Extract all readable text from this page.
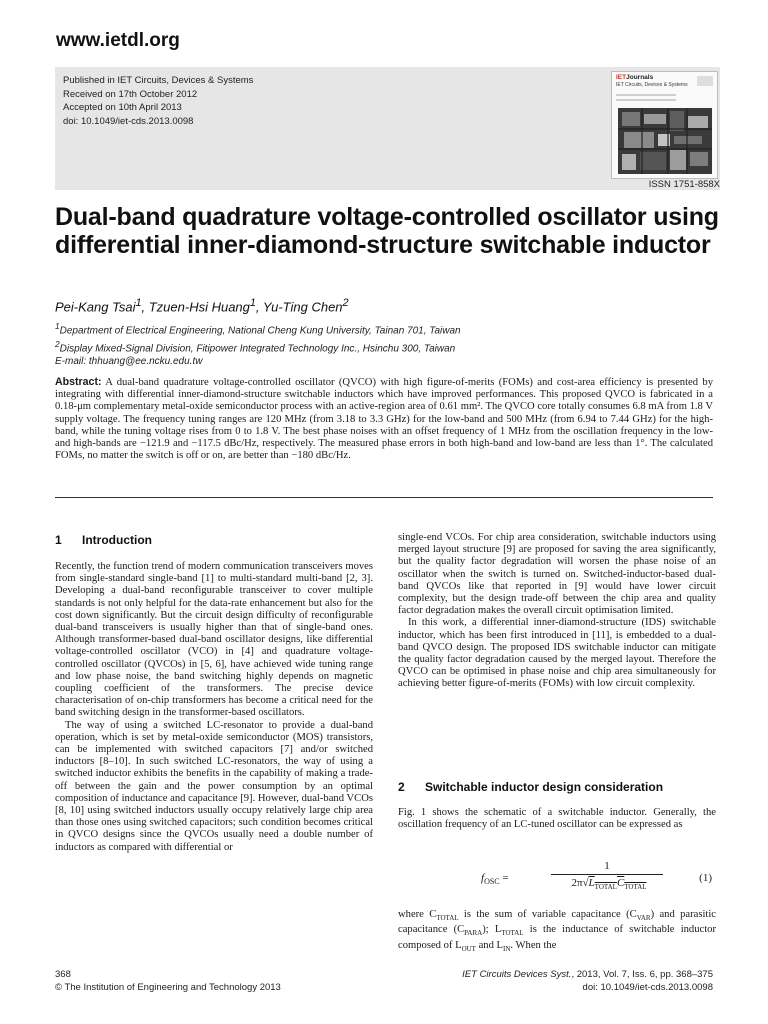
www.ietdl.org
Published in IET Circuits, Devices & Systems
Received on 17th October 2012
Accepted on 10th April 2013
doi: 10.1049/iet-cds.2013.0098
IETJournals
IET Circuits, Devices & Systems
ISSN 1751-858X
Dual-band quadrature voltage-controlled oscillator using differential inner-diamond-structure switchable inductor
Pei-Kang Tsai$^1$, Tzuen-Hsi Huang$^1$, Yu-Ting Chen$^2$
$^1$Department of Electrical Engineering, National Cheng Kung University, Tainan 701, Taiwan
$^2$Display Mixed-Signal Division, Fitipower Integrated Technology Inc., Hsinchu 300, Taiwan
E-mail: thhuang@ee.ncku.edu.tw
Abstract: A dual-band quadrature voltage-controlled oscillator (QVCO) with high figure-of-merits (FOMs) and cost-area efficiency is presented by integrating with differential inner-diamond-structure switchable inductors which have improved performances. This proposed QVCO is fabricated in a 0.18-μm complementary metal-oxide semiconductor process with an active-region area of 0.61 mm². The QVCO core totally consumes 6.8 mA from 1.8 V supply voltage. The frequency tuning ranges are 120 MHz (from 3.18 to 3.3 GHz) for the low-band and 500 MHz (from 6.94 to 7.44 GHz) for the high-band, while the tuning voltage rises from 0 to 1.8 V. The best phase noises with an offset frequency of 1 MHz from the oscillation frequency in the low- and high-bands are −121.9 and −117.5 dBc/Hz, respectively. The measured phase errors in both high-band and low-band are less than 1°. The calculated FOMs, no matter the switch is off or on, are better than −180 dBc/Hz.
1 Introduction

Recently, the function trend of modern communication transceivers moves from single-standard single-band [1] to multi-standard multi-band [2, 3]. Developing a dual-band reconfigurable transceiver to cover multiple standards is not only helpful for the data-rate enhancement but also for the cost down significantly. But the circuit design difficulty of reconfigurable dual-band transceivers is usually higher than that of single-band ones. Although transformer-based dual-band oscillator designs, like differential voltage-controlled oscillator (VCO) in [4] and quadrature voltage-controlled oscillator (QVCOs) in [5, 6], have achieved wide tuning range and low phase noise, the band switching highly depends on magnetic coupling coefficient of the transformers. The precise device characterisation of on-chip transformers has become a critical need for the band switching design in the transformer-based oscillators.

The way of using a switched LC-resonator to provide a dual-band operation, which is set by metal-oxide semiconductor (MOS) transistors, can be implemented with switched capacitors [7] and/or switched inductors [8–10]. In such switched LC-resonators, the way of using a switched inductor exhibits the benefits in the capability of making a trade-off between the gain and the power consumption by an optimal composition of inductance and capacitance [9]. However, dual-band VCOs [8, 10] using switched inductors usually occupy relatively large chip area than those ones using switched capacitors; such condition becomes critical in QVCO designs since the QVCOs usually need a double number of inductors as compared with differential or

single-end VCOs. For chip area consideration, switchable inductors using merged layout structure [9] are proposed for saving the area significantly, but the quality factor degradation will worsen the phase noise of an oscillator when the switch is turned on. Switched-inductor-based dual-band QVCOs like that reported in [9] would have lower circuit complexity, but the design trade-off between the chip area and quality factor degradation makes the overall circuit optimisation limited.

In this work, a differential inner-diamond-structure (IDS) switchable inductor, which has been first introduced in [11], is embedded to a dual-band QVCO design. The proposed IDS switchable inductor can mitigate the quality factor degradation caused by the merged layout. Therefore the QVCO can be optimised in phase noise and chip area simultaneously for achieving better figure-of-merits (FOMs) with low circuit complexity.

2 Switchable inductor design consideration

Fig. 1 shows the schematic of a switchable inductor. Generally, the oscillation frequency of an LC-tuned oscillator can be expressed as

$f_{OSC}$ =
1
$2\pi√L_{TOTAL}C_{TOTAL}$
(1)

where $C_{TOTAL}$ is the sum of variable capacitance $(C_{VAR})$ and parasitic capacitance $(C_{PARA})$; $L_{TOTAL}$ is the inductance of switchable inductor composed of $L_{OUT}$ and $L_{IN}$. When the

368
© The Institution of Engineering and Technology 2013
IET Circuits Devices Syst., 2013, Vol. 7, Iss. 6, pp. 368–375
doi: 10.1049/iet-cds.2013.0098
